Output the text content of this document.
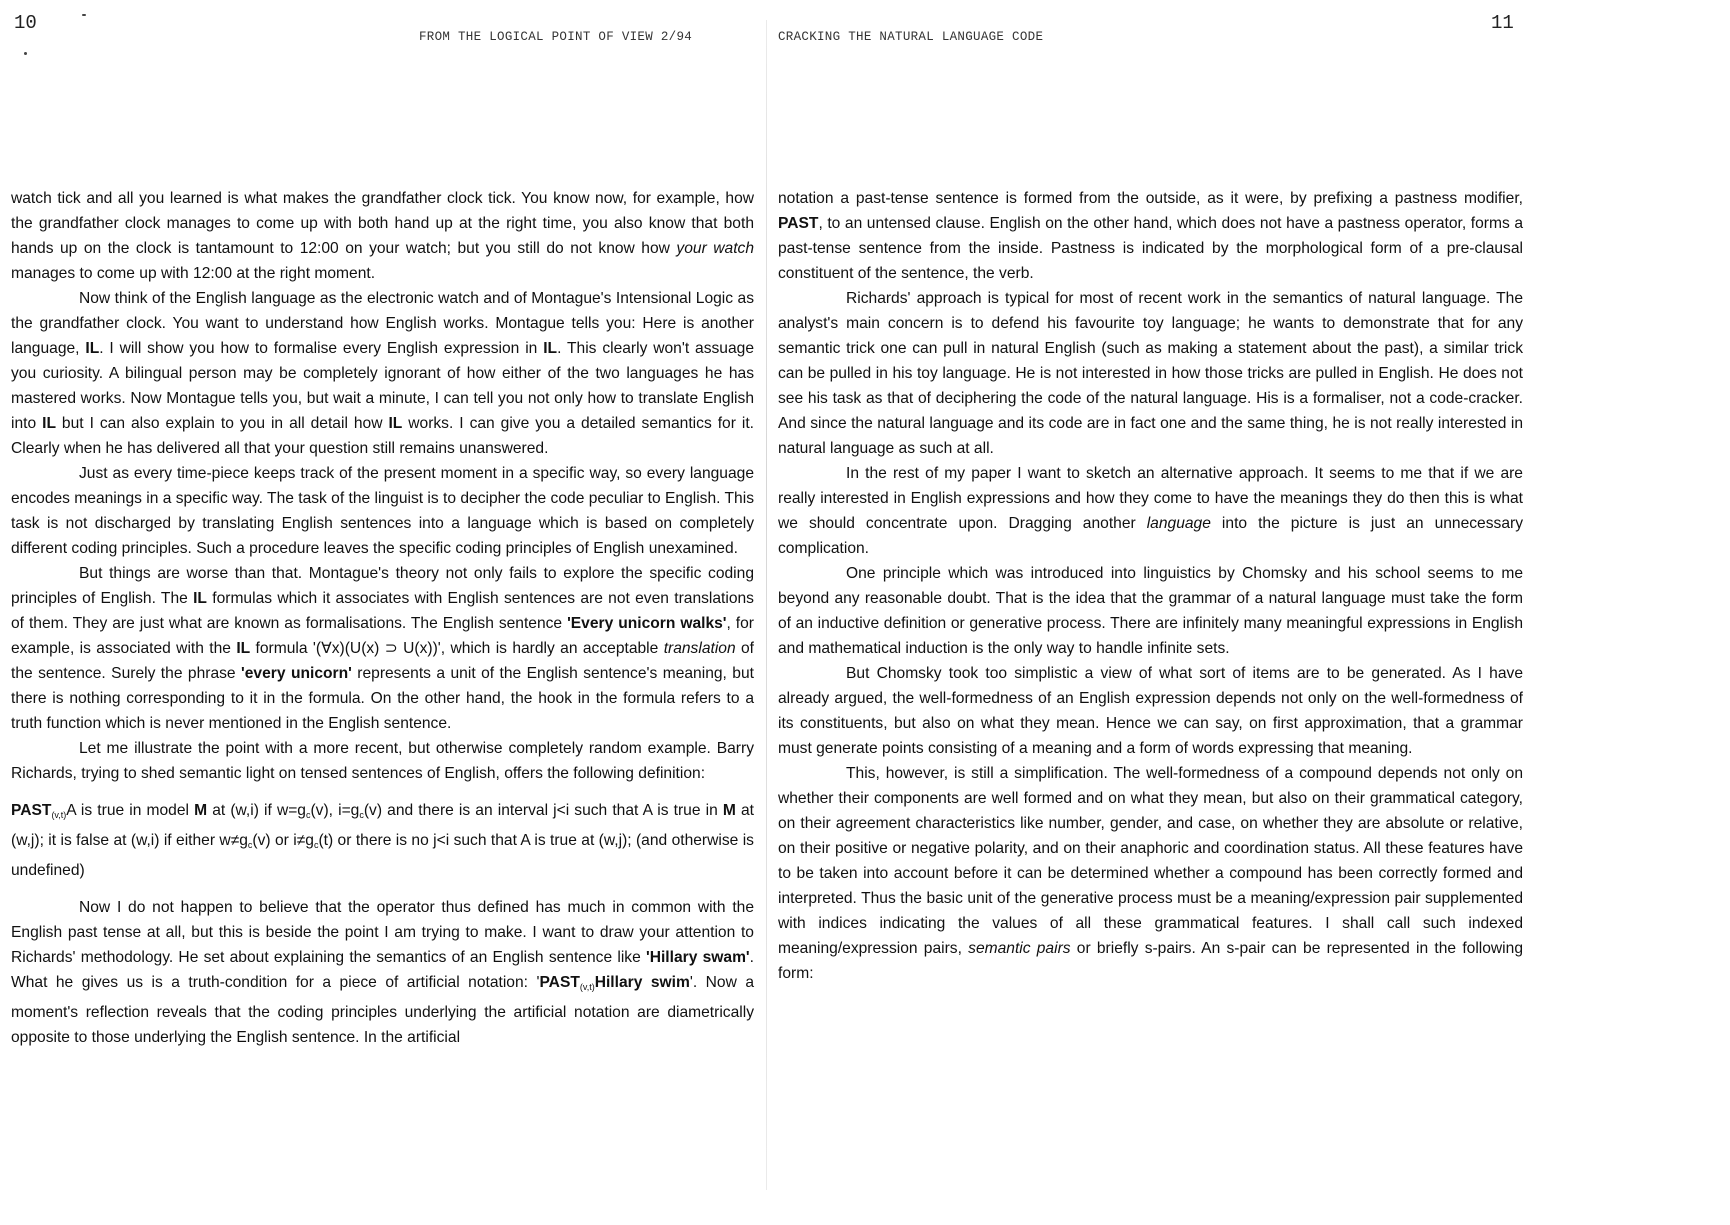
10
FROM THE LOGICAL POINT OF VIEW 2/94
11
CRACKING THE NATURAL LANGUAGE CODE

watch tick and all you learned is what makes the grandfather clock tick. You know now, for example, how the grandfather clock manages to come up with both hand up at the right time, you also know that both hands up on the clock is tantamount to 12:00 on your watch; but you still do not know how your watch manages to come up with 12:00 at the right moment.

Now think of the English language as the electronic watch and of Montague's Intensional Logic as the grandfather clock. You want to understand how English works. Montague tells you: Here is another language, IL. I will show you how to formalise every English expression in IL. This clearly won't assuage you curiosity. A bilingual person may be completely ignorant of how either of the two languages he has mastered works. Now Montague tells you, but wait a minute, I can tell you not only how to translate English into IL but I can also explain to you in all detail how IL works. I can give you a detailed semantics for it. Clearly when he has delivered all that your question still remains unanswered.

Just as every time-piece keeps track of the present moment in a specific way, so every language encodes meanings in a specific way. The task of the linguist is to decipher the code peculiar to English. This task is not discharged by translating English sentences into a language which is based on completely different coding principles. Such a procedure leaves the specific coding principles of English unexamined.

But things are worse than that. Montague's theory not only fails to explore the specific coding principles of English. The IL formulas which it associates with English sentences are not even translations of them. They are just what are known as formalisations. The English sentence 'Every unicorn walks', for example, is associated with the IL formula '(∀x)(U(x) ⊃ U(x))', which is hardly an acceptable translation of the sentence. Surely the phrase 'every unicorn' represents a unit of the English sentence's meaning, but there is nothing corresponding to it in the formula. On the other hand, the hook in the formula refers to a truth function which is never mentioned in the English sentence.

Let me illustrate the point with a more recent, but otherwise completely random example. Barry Richards, trying to shed semantic light on tensed sentences of English, offers the following definition:

$PAST_{(v,t)}A$ is true in model M at (w,i) if $w=g_c(v)$, $i=g_c(v)$ and there is an interval j<i such that A is true in M at (w,j); it is false at (w,i) if either $w\ne g_c(v)$ or $i\ne g_c(t)$ or there is no j<i such that A is true at (w,j); (and otherwise is undefined)

Now I do not happen to believe that the operator thus defined has much in common with the English past tense at all, but this is beside the point I am trying to make. I want to draw your attention to Richards' methodology. He set about explaining the semantics of an English sentence like 'Hillary swam'. What he gives us is a truth-condition for a piece of artificial notation: '$PAST_{(v,t)}Hillary$ swim'. Now a moment's reflection reveals that the coding principles underlying the artificial notation are diametrically opposite to those underlying the English sentence. In the artificial

notation a past-tense sentence is formed from the outside, as it were, by prefixing a pastness modifier, PAST, to an untensed clause. English on the other hand, which does not have a pastness operator, forms a past-tense sentence from the inside. Pastness is indicated by the morphological form of a pre-clausal constituent of the sentence, the verb.

Richards' approach is typical for most of recent work in the semantics of natural language. The analyst's main concern is to defend his favourite toy language; he wants to demonstrate that for any semantic trick one can pull in natural English (such as making a statement about the past), a similar trick can be pulled in his toy language. He is not interested in how those tricks are pulled in English. He does not see his task as that of deciphering the code of the natural language. His is a formaliser, not a code-cracker. And since the natural language and its code are in fact one and the same thing, he is not really interested in natural language as such at all.

In the rest of my paper I want to sketch an alternative approach. It seems to me that if we are really interested in English expressions and how they come to have the meanings they do then this is what we should concentrate upon. Dragging another language into the picture is just an unnecessary complication.

One principle which was introduced into linguistics by Chomsky and his school seems to me beyond any reasonable doubt. That is the idea that the grammar of a natural language must take the form of an inductive definition or generative process. There are infinitely many meaningful expressions in English and mathematical induction is the only way to handle infinite sets.

But Chomsky took too simplistic a view of what sort of items are to be generated. As I have already argued, the well-formedness of an English expression depends not only on the well-formedness of its constituents, but also on what they mean. Hence we can say, on first approximation, that a grammar must generate points consisting of a meaning and a form of words expressing that meaning.

This, however, is still a simplification. The well-formedness of a compound depends not only on whether their components are well formed and on what they mean, but also on their grammatical category, on their agreement characteristics like number, gender, and case, on whether they are absolute or relative, on their positive or negative polarity, and on their anaphoric and coordination status. All these features have to be taken into account before it can be determined whether a compound has been correctly formed and interpreted. Thus the basic unit of the generative process must be a meaning/expression pair supplemented with indices indicating the values of all these grammatical features. I shall call such indexed meaning/expression pairs, semantic pairs or briefly s-pairs. An s-pair can be represented in the following form:
